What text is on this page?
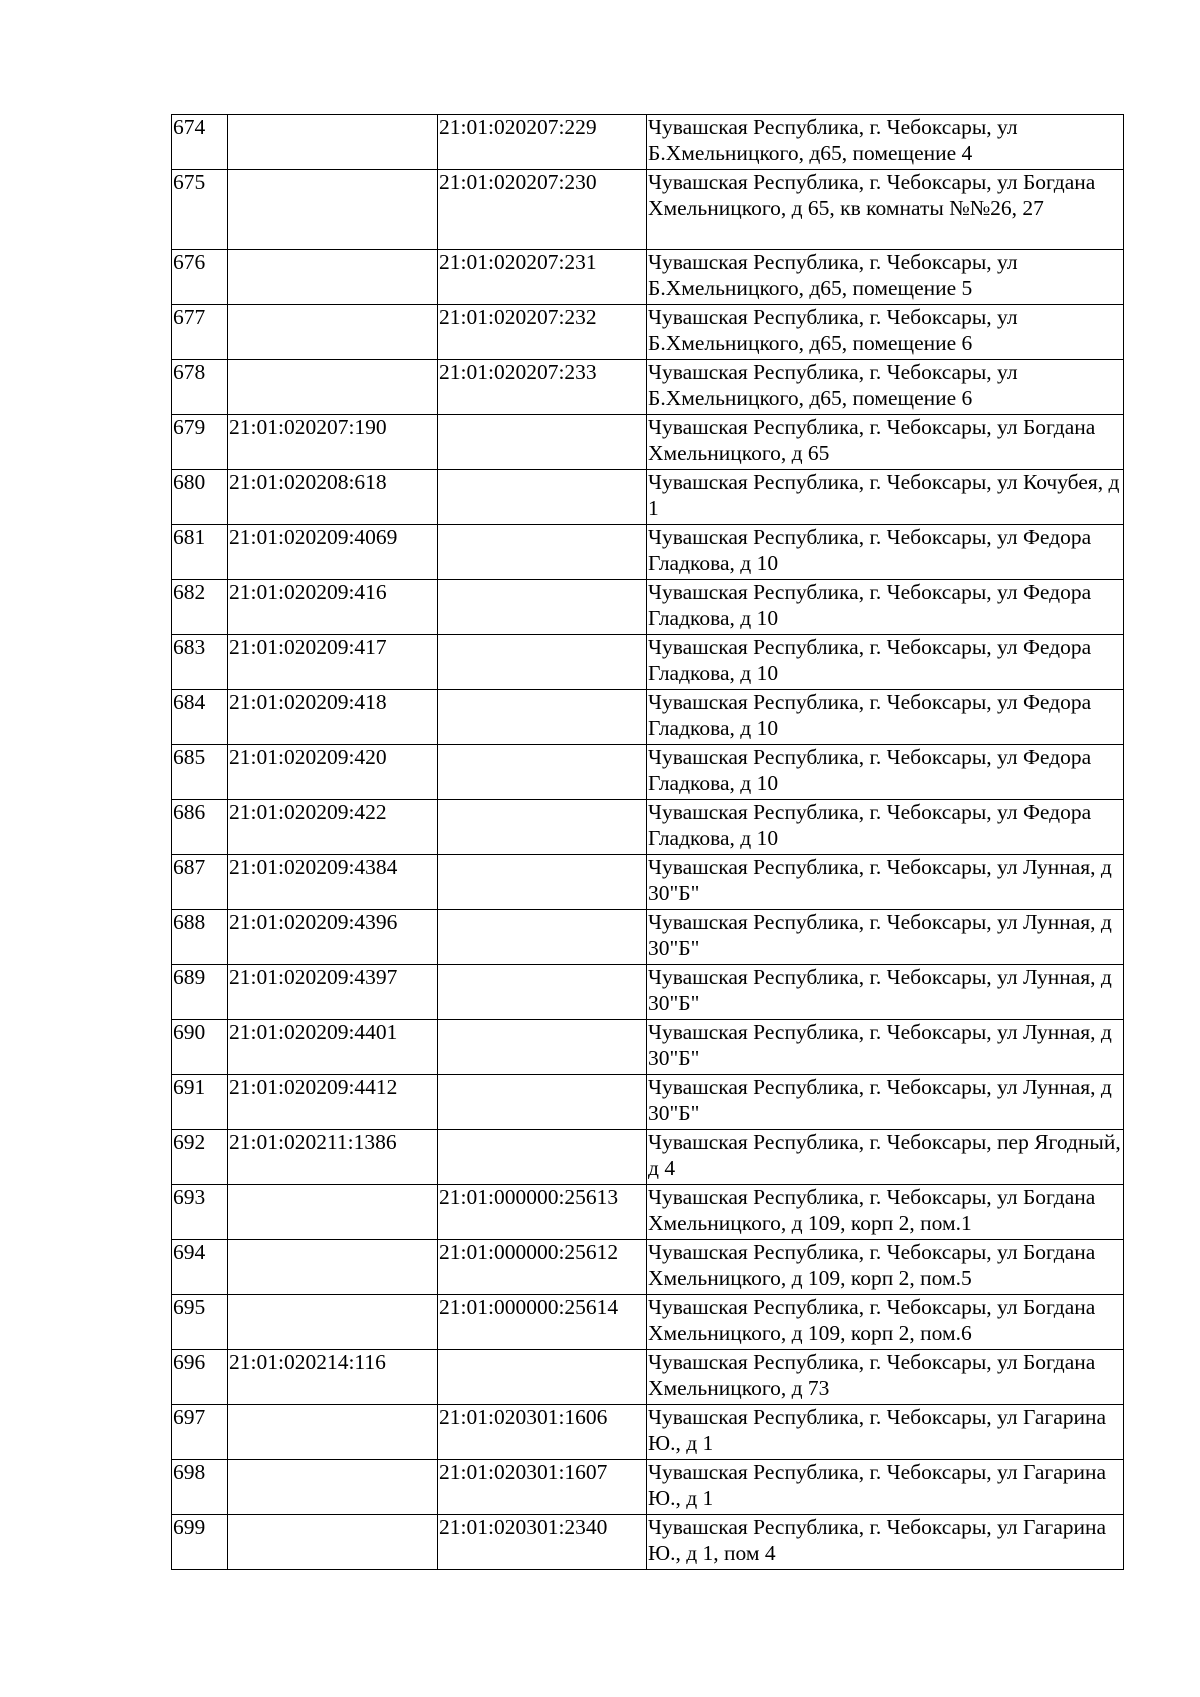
674		21:01:020207:229	Чувашская Республика, г. Чебоксары, ул Б.Хмельницкого, д65, помещение 4
675		21:01:020207:230	Чувашская Республика, г. Чебоксары, ул Богдана Хмельницкого, д 65, кв комнаты №№26, 27
676		21:01:020207:231	Чувашская Республика, г. Чебоксары, ул Б.Хмельницкого, д65, помещение 5
677		21:01:020207:232	Чувашская Республика, г. Чебоксары, ул Б.Хмельницкого, д65, помещение 6
678		21:01:020207:233	Чувашская Республика, г. Чебоксары, ул Б.Хмельницкого, д65, помещение 6
679	21:01:020207:190		Чувашская Республика, г. Чебоксары, ул Богдана Хмельницкого, д 65
680	21:01:020208:618		Чувашская Республика, г. Чебоксары, ул Кочубея, д 1
681	21:01:020209:4069		Чувашская Республика, г. Чебоксары, ул Федора Гладкова, д 10
682	21:01:020209:416		Чувашская Республика, г. Чебоксары, ул Федора Гладкова, д 10
683	21:01:020209:417		Чувашская Республика, г. Чебоксары, ул Федора Гладкова, д 10
684	21:01:020209:418		Чувашская Республика, г. Чебоксары, ул Федора Гладкова, д 10
685	21:01:020209:420		Чувашская Республика, г. Чебоксары, ул Федора Гладкова, д 10
686	21:01:020209:422		Чувашская Республика, г. Чебоксары, ул Федора Гладкова, д 10
687	21:01:020209:4384		Чувашская Республика, г. Чебоксары, ул Лунная, д 30"Б"
688	21:01:020209:4396		Чувашская Республика, г. Чебоксары, ул Лунная, д 30"Б"
689	21:01:020209:4397		Чувашская Республика, г. Чебоксары, ул Лунная, д 30"Б"
690	21:01:020209:4401		Чувашская Республика, г. Чебоксары, ул Лунная, д 30"Б"
691	21:01:020209:4412		Чувашская Республика, г. Чебоксары, ул Лунная, д 30"Б"
692	21:01:020211:1386		Чувашская Республика, г. Чебоксары, пер Ягодный, д 4
693		21:01:000000:25613	Чувашская Республика, г. Чебоксары, ул Богдана Хмельницкого, д 109, корп 2, пом.1
694		21:01:000000:25612	Чувашская Республика, г. Чебоксары, ул Богдана Хмельницкого, д 109, корп 2, пом.5
695		21:01:000000:25614	Чувашская Республика, г. Чебоксары, ул Богдана Хмельницкого, д 109, корп 2, пом.6
696	21:01:020214:116		Чувашская Республика, г. Чебоксары, ул Богдана Хмельницкого, д 73
697		21:01:020301:1606	Чувашская Республика, г. Чебоксары, ул Гагарина Ю., д 1
698		21:01:020301:1607	Чувашская Республика, г. Чебоксары, ул Гагарина Ю., д 1
699		21:01:020301:2340	Чувашская Республика, г. Чебоксары, ул Гагарина Ю., д 1, пом 4
